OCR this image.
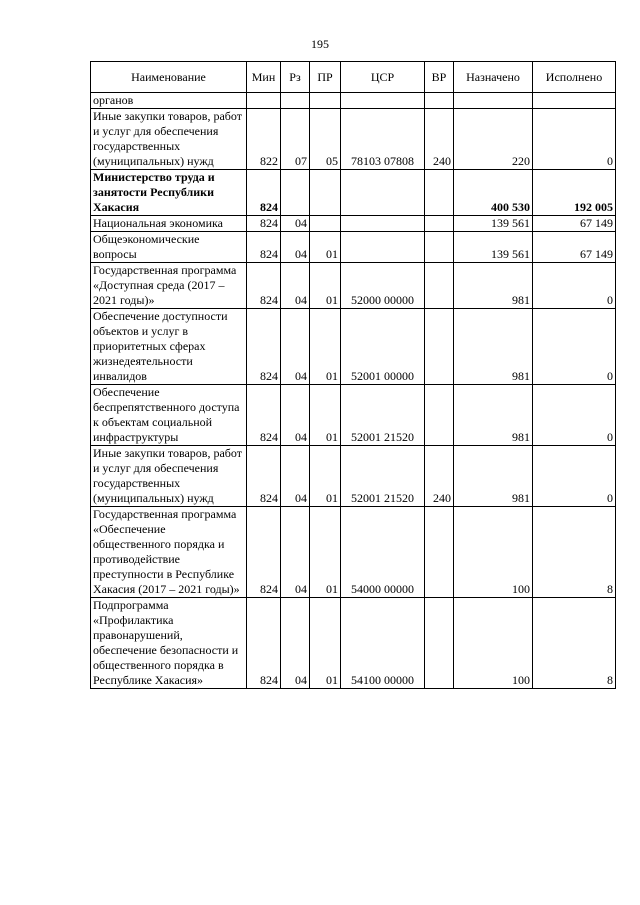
195
Наименование	Мин	Рз	ПР	ЦСР	ВР	Назначено	Исполнено
органов							
Иные закупки товаров, работ и услуг для обеспечения государственных (муниципальных) нужд	822	07	05	78103 07808	240	220	0
Министерство труда и занятости Республики Хакасия	824					400 530	192 005
Национальная экономика	824	04				139 561	67 149
Общеэкономические вопросы	824	04	01			139 561	67 149
Государственная программа «Доступная среда (2017 – 2021 годы)»	824	04	01	52000 00000		981	0
Обеспечение доступности объектов и услуг в приоритетных сферах жизнедеятельности инвалидов	824	04	01	52001 00000		981	0
Обеспечение беспрепятственного доступа к объектам социальной инфраструктуры	824	04	01	52001 21520		981	0
Иные закупки товаров, работ и услуг для обеспечения государственных (муниципальных) нужд	824	04	01	52001 21520	240	981	0
Государственная программа «Обеспечение общественного порядка и противодействие преступности в Республике Хакасия (2017 – 2021 годы)»	824	04	01	54000 00000		100	8
Подпрограмма «Профилактика правонарушений, обеспечение безопасности и общественного порядка в Республике Хакасия»	824	04	01	54100 00000		100	8
